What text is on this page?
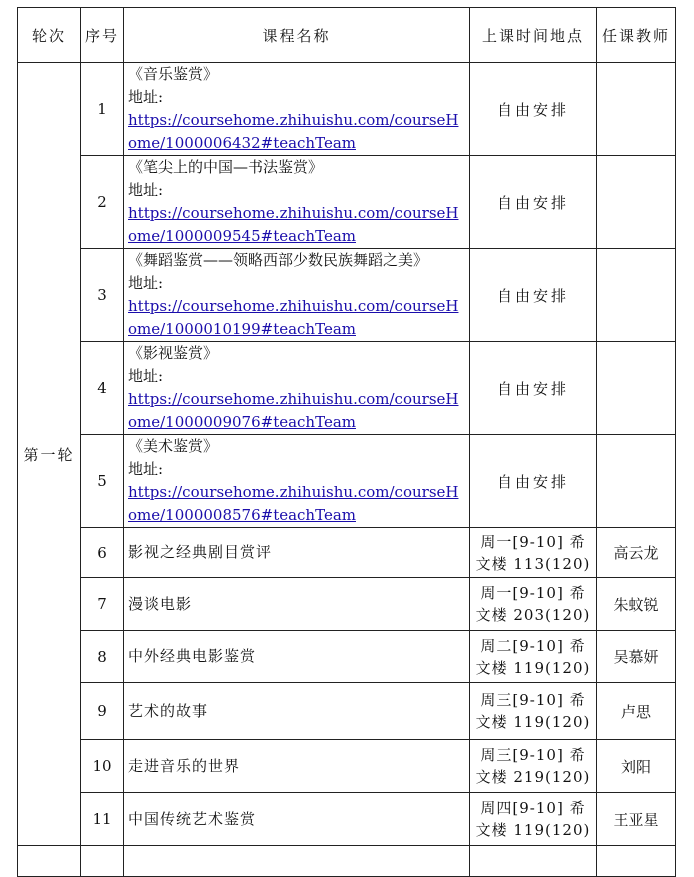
轮次	序号	课程名称	上课时间地点	任课教师
第一轮	1	《音乐鉴赏》
地址:
https://coursehome.zhihuishu.com/courseHome/1000006432#teachTeam	自由安排	
	2	《笔尖上的中国—书法鉴赏》
地址:
https://coursehome.zhihuishu.com/courseHome/1000009545#teachTeam	自由安排	
	3	《舞蹈鉴赏——领略西部少数民族舞蹈之美》
地址:
https://coursehome.zhihuishu.com/courseHome/1000010199#teachTeam	自由安排	
	4	《影视鉴赏》
地址:
https://coursehome.zhihuishu.com/courseHome/1000009076#teachTeam	自由安排	
	5	《美术鉴赏》
地址:
https://coursehome.zhihuishu.com/courseHome/1000008576#teachTeam	自由安排	
	6	影视之经典剧目赏评	周一[9-10] 希
文楼 113(120)	高云龙
	7	漫谈电影	周一[9-10] 希
文楼 203(120)	朱蚊锐
	8	中外经典电影鉴赏	周二[9-10] 希
文楼 119(120)	吴慕妍
	9	艺术的故事	周三[9-10] 希
文楼 119(120)	卢思
	10	走进音乐的世界	周三[9-10] 希
文楼 219(120)	刘阳
	11	中国传统艺术鉴赏	周四[9-10] 希
文楼 119(120)	王亚星
